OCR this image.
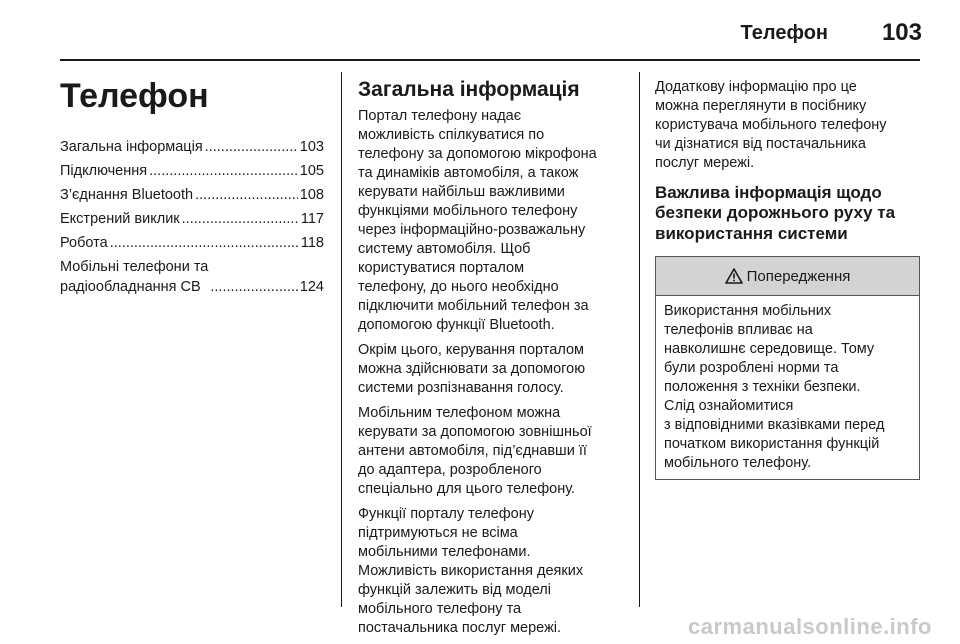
Телефон 103
Телефон
Загальна інформація .....	103
Підключення .....	105
З’єднання Bluetooth .....	108
Екстрений виклик .....	117
Робота .....	118
Мобільні телефони та
радіообладнання CB .....	124
Загальна інформація

Портал телефону надає
можливість спілкуватися по
телефону за допомогою мікрофона
та динаміків автомобіля, а також
керувати найбільш важливими
функціями мобільного телефону
через інформаційно-розважальну
систему автомобіля. Щоб
користуватися порталом
телефону, до нього необхідно
підключити мобільний телефон за
допомогою функції Bluetooth.

Окрім цього, керування порталом
можна здійснювати за допомогою
системи розпізнавання голосу.

Мобільним телефоном можна
керувати за допомогою зовнішньої
антени автомобіля, під’єднавши її
до адаптера, розробленого
спеціально для цього телефону.

Функції порталу телефону
підтримуються не всіма
мобільними телефонами.
Можливість використання деяких
функцій залежить від моделі
мобільного телефону та
постачальника послуг мережі.

Додаткову інформацію про це
можна переглянути в посібнику
користувача мобільного телефону
чи дізнатися від постачальника
послуг мережі.

Важлива інформація щодо
безпеки дорожнього руху та
використання системи
Попередження

Використання мобільних
телефонів впливає на
навколишнє середовище. Тому
були розроблені норми та
положення з техніки безпеки.
Слід ознайомитися
з відповідними вказівками перед
початком використання функцій
мобільного телефону.

carmanualsonline.info
